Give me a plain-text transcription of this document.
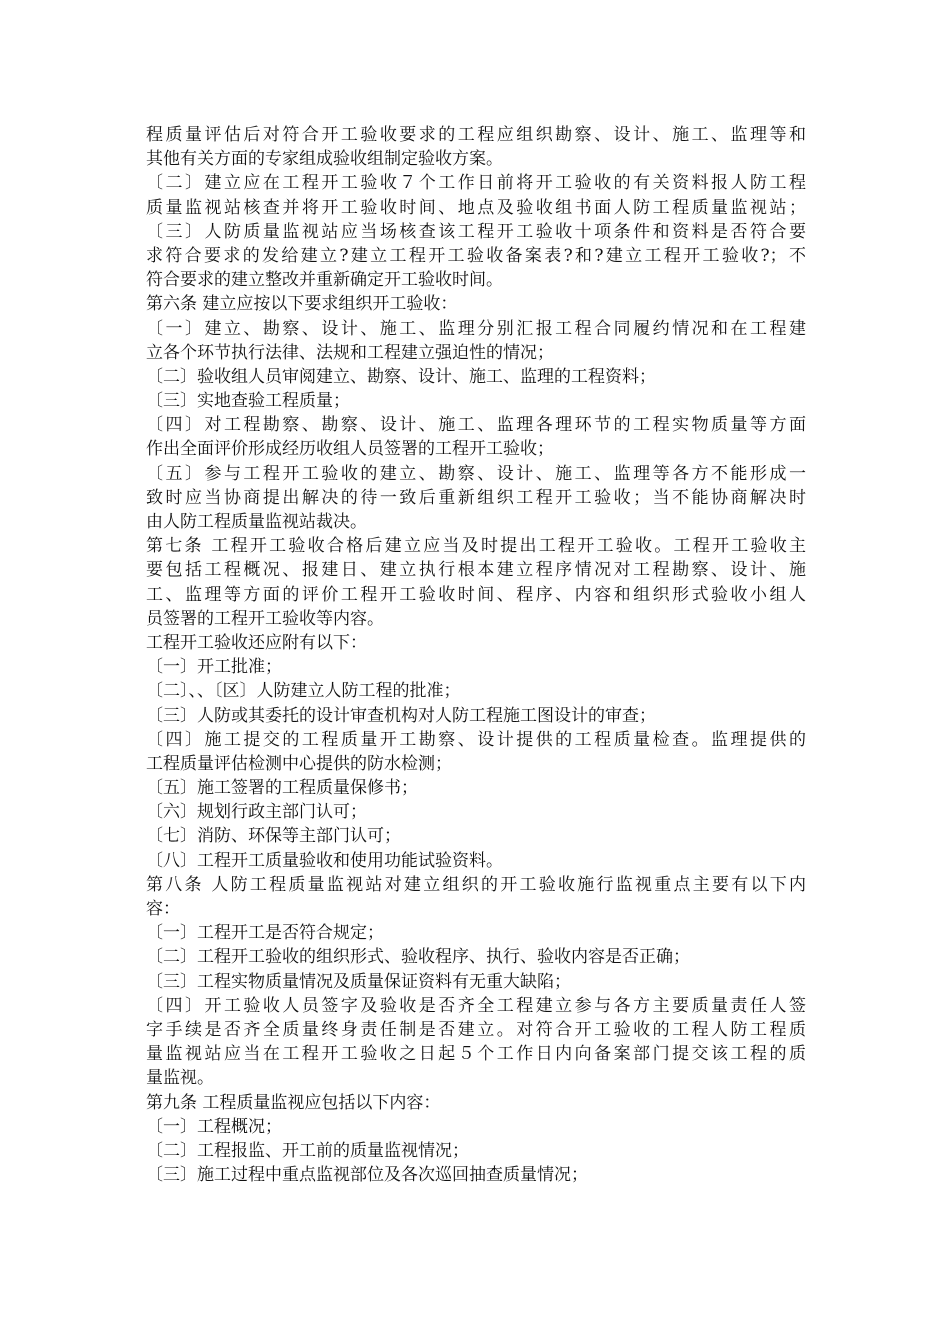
程质量评估后对符合开工验收要求的工程应组织勘察、设计、施工、监理等和
其他有关方面的专家组成验收组制定验收方案。
〔二〕建立应在工程开工验收７个工作日前将开工验收的有关资料报人防工程
质量监视站核查并将开工验收时间、地点及验收组书面人防工程质量监视站；
〔三〕人防质量监视站应当场核查该工程开工验收十项条件和资料是否符合要
求符合要求的发给建立?建立工程开工验收备案表?和?建立工程开工验收?；不
符合要求的建立整改并重新确定开工验收时间。
第六条 建立应按以下要求组织开工验收：
〔一〕建立、勘察、设计、施工、监理分别汇报工程合同履约情况和在工程建
立各个环节执行法律、法规和工程建立强迫性的情况；
〔二〕验收组人员审阅建立、勘察、设计、施工、监理的工程资料；
〔三〕实地查验工程质量；
〔四〕对工程勘察、勘察、设计、施工、监理各理环节的工程实物质量等方面
作出全面评价形成经历收组人员签署的工程开工验收；
〔五〕参与工程开工验收的建立、勘察、设计、施工、监理等各方不能形成一
致时应当协商提出解决的待一致后重新组织工程开工验收；当不能协商解决时
由人防工程质量监视站裁决。
第七条 工程开工验收合格后建立应当及时提出工程开工验收。工程开工验收主
要包括工程概况、报建日、建立执行根本建立程序情况对工程勘察、设计、施
工、监理等方面的评价工程开工验收时间、程序、内容和组织形式验收小组人
员签署的工程开工验收等内容。
工程开工验收还应附有以下：
〔一〕开工批准；
〔二〕、、〔区〕人防建立人防工程的批准；
〔三〕人防或其委托的设计审查机构对人防工程施工图设计的审查；
〔四〕施工提交的工程质量开工勘察、设计提供的工程质量检查。监理提供的
工程质量评估检测中心提供的防水检测；
〔五〕施工签署的工程质量保修书；
〔六〕规划行政主部门认可；
〔七〕消防、环保等主部门认可；
〔八〕工程开工质量验收和使用功能试验资料。
第八条 人防工程质量监视站对建立组织的开工验收施行监视重点主要有以下内
容：
〔一〕工程开工是否符合规定；
〔二〕工程开工验收的组织形式、验收程序、执行、验收内容是否正确；
〔三〕工程实物质量情况及质量保证资料有无重大缺陷；
〔四〕开工验收人员签字及验收是否齐全工程建立参与各方主要质量责任人签
字手续是否齐全质量终身责任制是否建立。对符合开工验收的工程人防工程质
量监视站应当在工程开工验收之日起５个工作日内向备案部门提交该工程的质
量监视。
第九条 工程质量监视应包括以下内容：
〔一〕工程概况；
〔二〕工程报监、开工前的质量监视情况；
〔三〕施工过程中重点监视部位及各次巡回抽查质量情况；
